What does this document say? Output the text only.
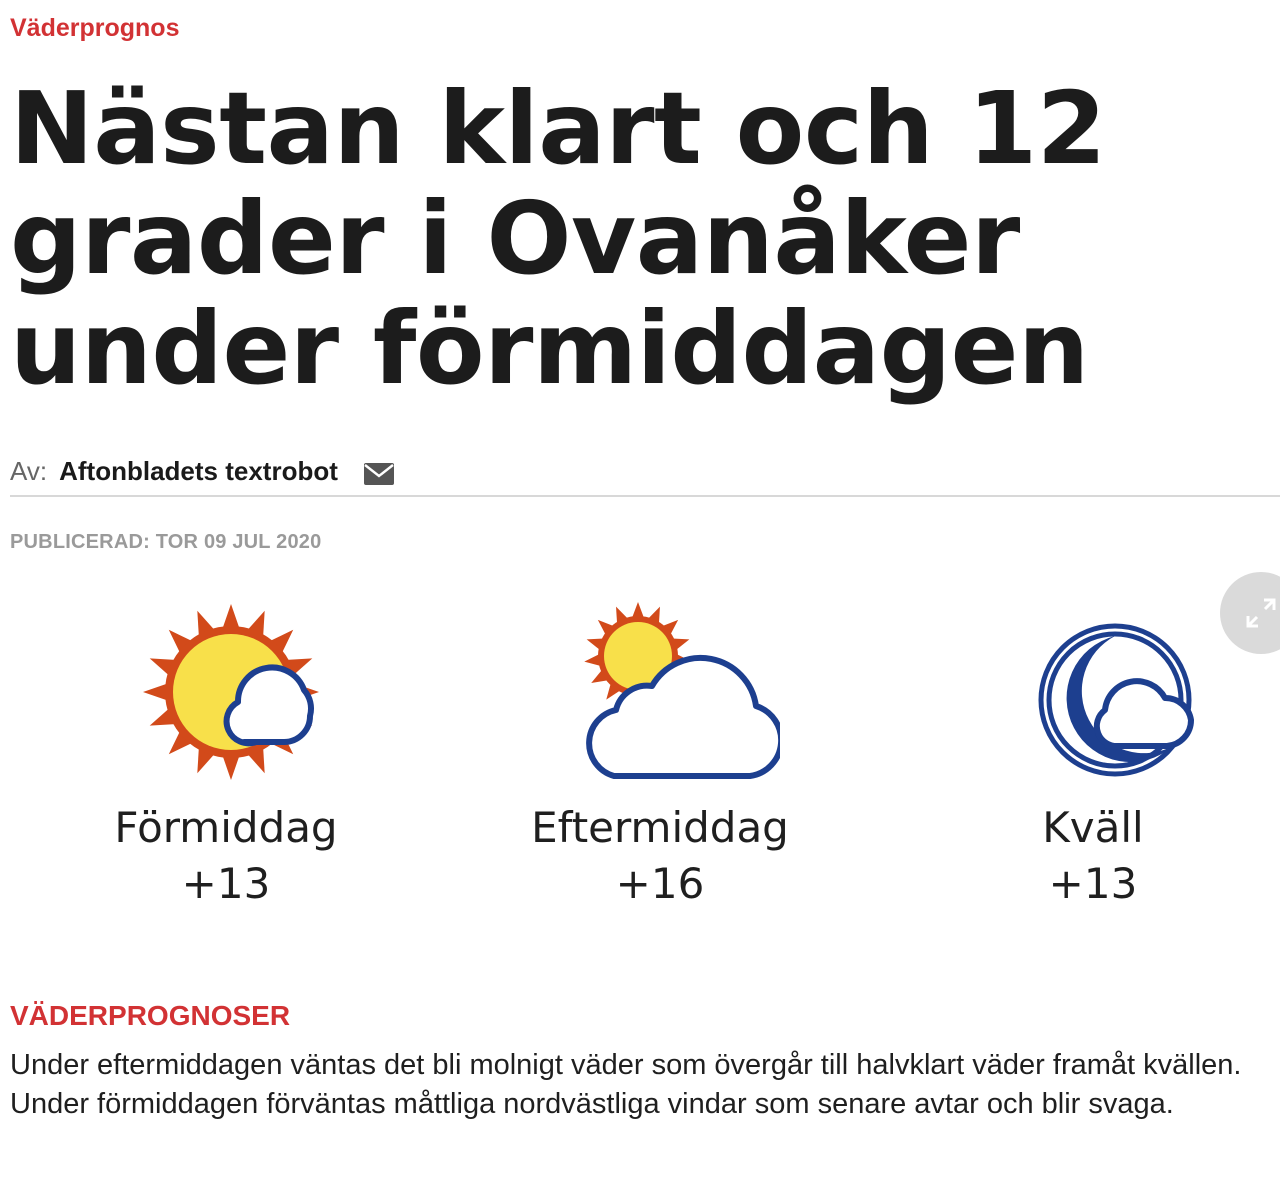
Väderprognos
Nästan klart och 12 grader i Ovanåker under förmiddagen
Av: Aftonbladets textrobot
PUBLICERAD: TOR 09 JUL 2020
Förmiddag
+13
Eftermiddag
+16
Kväll
+13
VÄDERPROGNOSER

Under eftermiddagen väntas det bli molnigt väder som övergår till halvklart väder framåt kvällen. Under förmiddagen förväntas måttliga nordvästliga vindar som senare avtar och blir svaga.
